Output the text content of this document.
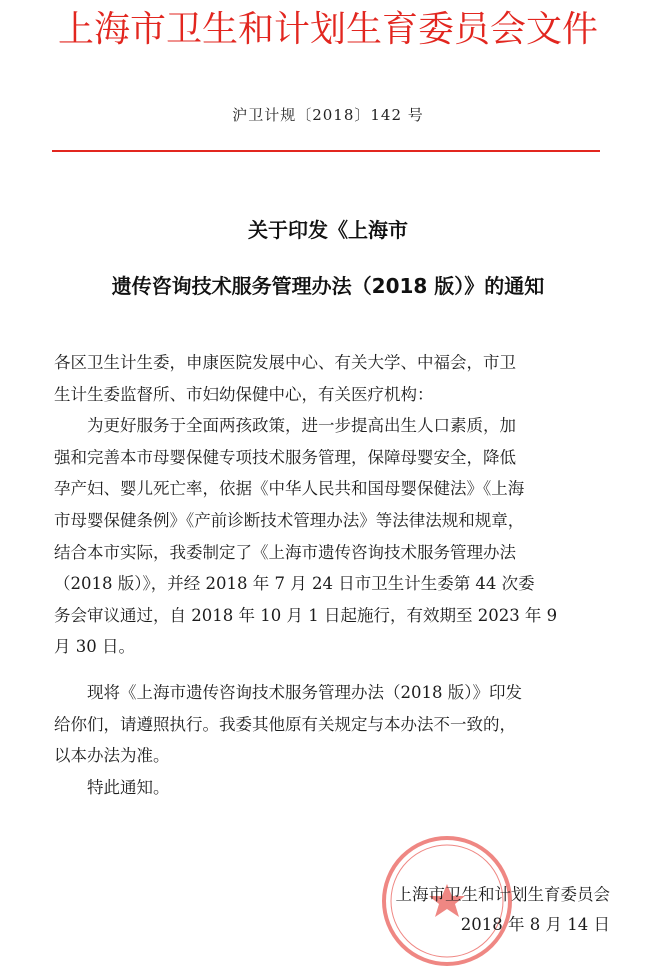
上海市卫生和计划生育委员会文件
沪卫计规〔2018〕142 号
关于印发《上海市
遗传咨询技术服务管理办法（2018 版）》的通知
各区卫生计生委，申康医院发展中心、有关大学、中福会，市卫
生计生委监督所、市妇幼保健中心，有关医疗机构：
　　为更好服务于全面两孩政策，进一步提高出生人口素质，加
强和完善本市母婴保健专项技术服务管理，保障母婴安全，降低
孕产妇、婴儿死亡率，依据《中华人民共和国母婴保健法》《上海
市母婴保健条例》《产前诊断技术管理办法》等法律法规和规章，
结合本市实际，我委制定了《上海市遗传咨询技术服务管理办法
（2018 版）》，并经 2018 年 7 月 24 日市卫生计生委第 44 次委
务会审议通过，自 2018 年 10 月 1 日起施行，有效期至 2023 年 9
月 30 日。
　　现将《上海市遗传咨询技术服务管理办法（2018 版）》印发
给你们，请遵照执行。我委其他原有关规定与本办法不一致的，
以本办法为准。
　　特此通知。
上海市卫生和计划生育委员会
2018 年 8 月 14 日
